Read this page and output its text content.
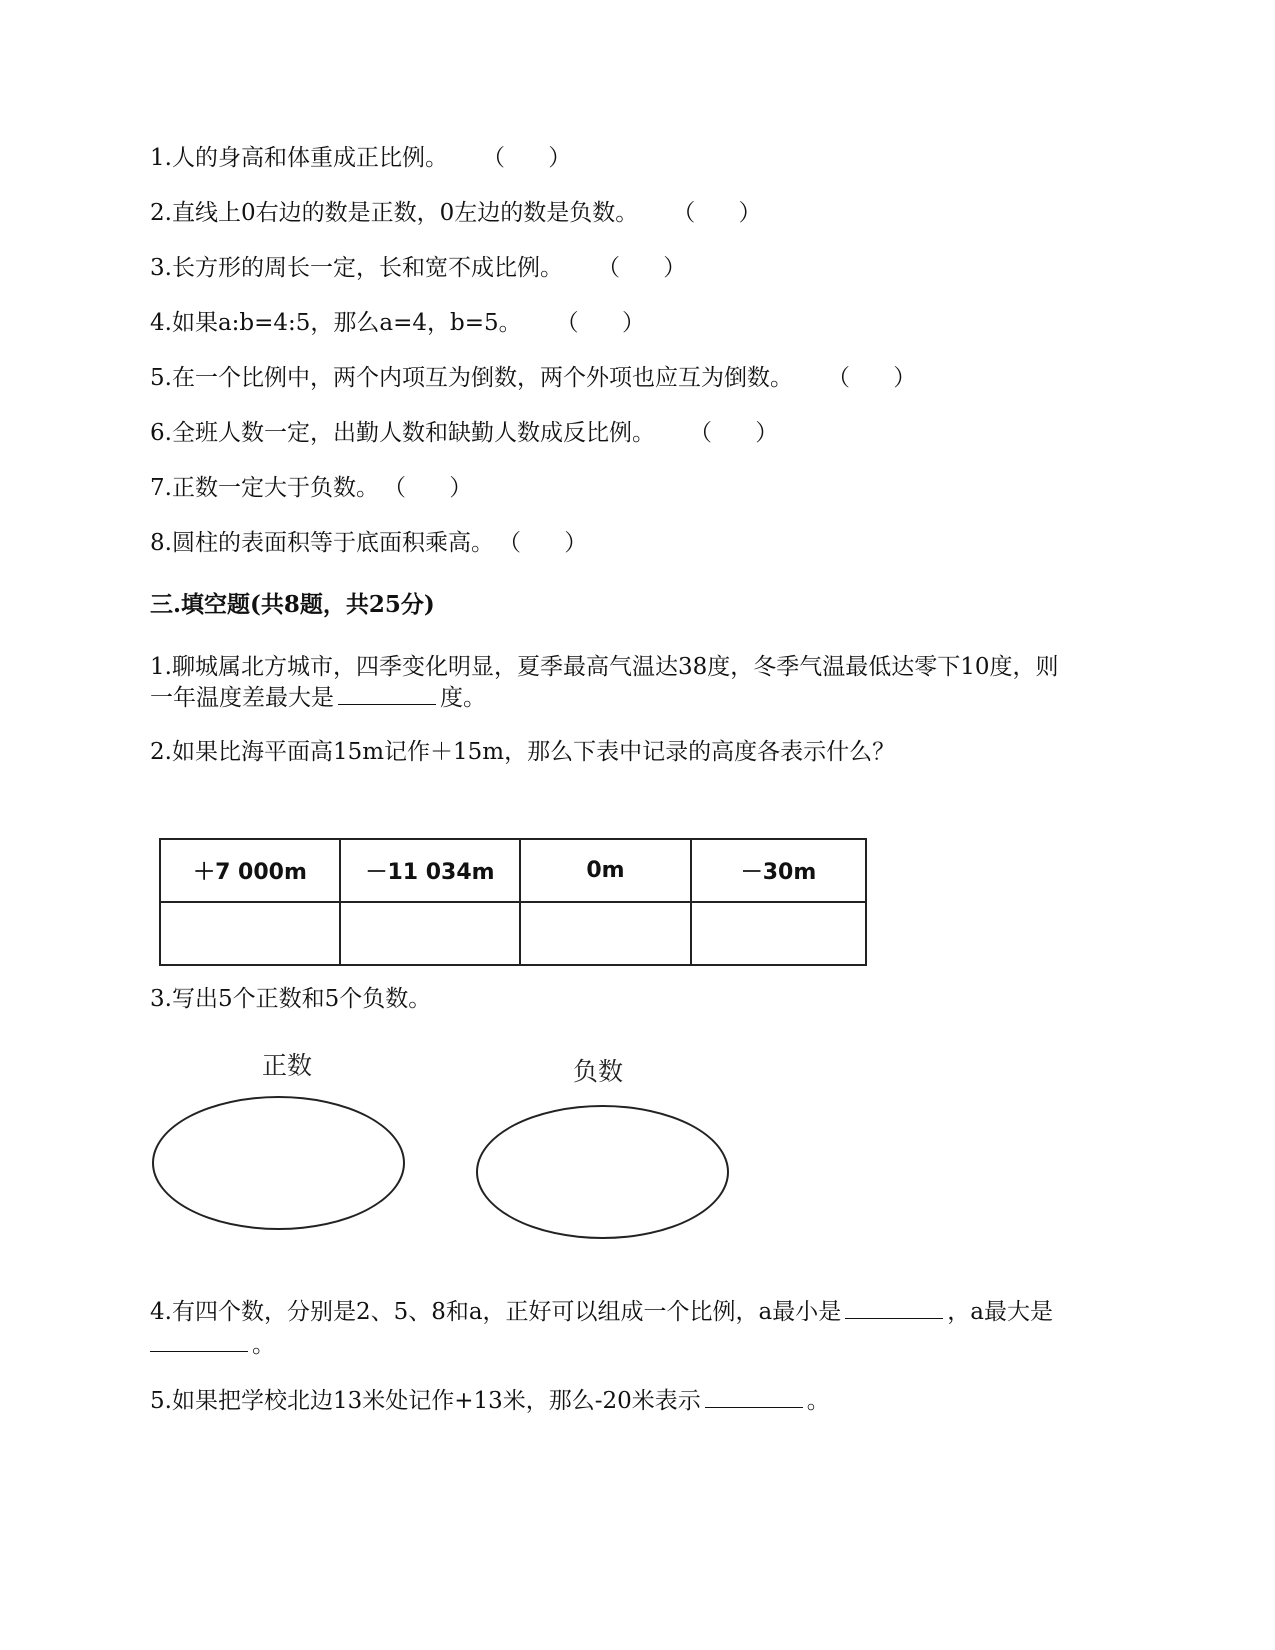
1.人的身高和体重成正比例。 （ ）

2.直线上0右边的数是正数，0左边的数是负数。 （ ）

3.长方形的周长一定，长和宽不成比例。 （ ）

4.如果a:b=4:5，那么a=4，b=5。 （ ）

5.在一个比例中，两个内项互为倒数，两个外项也应互为倒数。 （ ）

6.全班人数一定，出勤人数和缺勤人数成反比例。 （ ）

7.正数一定大于负数。 （ ）

8.圆柱的表面积等于底面积乘高。 （ ）

三.填空题(共8题，共25分)

1.聊城属北方城市，四季变化明显，夏季最高气温达38度，冬季气温最低达零下10度，则

一年温度差最大是	度。

2.如果比海平面高15m记作＋15m，那么下表中记录的高度各表示什么？

＋7 000m	－11 034m	0m	－30m

3.写出5个正数和5个负数。

正数	负数

4.有四个数，分别是2、5、8和a，正好可以组成一个比例，a最小是	，a最大是

。

5.如果把学校北边13米处记作+13米，那么-20米表示	。
